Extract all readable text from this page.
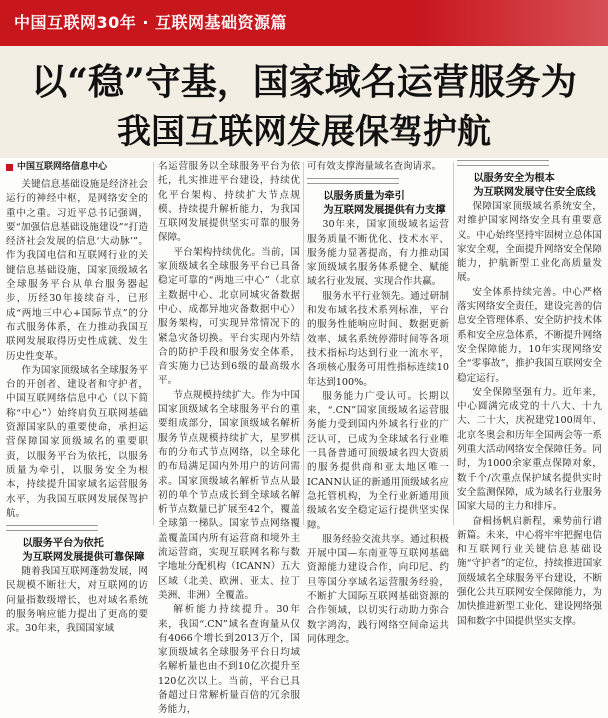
中国互联网30年 · 互联网基础资源篇
以“稳”守基，国家域名运营服务为
我国互联网发展保驾护航
中国互联网络信息中心

关键信息基础设施是经济社会运行的神经中枢，是网络安全的重中之重。习近平总书记强调，要“加强信息基础设施建设”“打造经济社会发展的信息‘大动脉’”。作为我国电信和互联网行业的关键信息基础设施，国家顶级域名全球服务平台从单台服务器起步，历经30年接续奋斗，已形成“两地三中心+国际节点”的分布式服务体系，在力推动我国互联网发展取得历史性成就、发生历史性变革。

作为国家顶级域名全球服务平台的开创者、建设者和守护者，中国互联网络信息中心（以下简称“中心”）始终肩负互联网基础资源国家队的重要使命，承担运营保障国家顶级域名的重要职责，以服务平台为依托，以服务质量为牵引，以服务安全为根本，持续提升国家域名运营服务水平，为我国互联网发展保驾护航。

以服务平台为依托

为互联网发展提供可靠保障

随着我国互联网蓬勃发展，网民规模不断壮大，对互联网的访问量指数级增长，也对域名系统的服务响应能力提出了更高的要求。30年来，我国国家域

名运营服务以全球服务平台为依托，扎实推进平台建设，持续优化平台架构、持续扩大节点规模、持续提升解析能力，为我国互联网发展提供坚实可靠的服务保障。

平台架构持续优化。当前，国家顶级域名全球服务平台已具备稳定可靠的“两地三中心”（北京主数据中心、北京同城灾备数据中心、成都异地灾备数据中心）服务架构，可实现异常情况下的紧急灾备切换。平台实现内外结合的防护手段和服务安全体系，音实施力已达到6级的最高级水平。

节点规模持续扩大。作为中国国家顶级域名全球服务平台的重要组成部分，国家顶级域名解析服务节点规模持续扩大，星罗棋布的分布式节点网络，以全球化的布局满足国内外用户的访问需求。国家顶级域名解析节点从最初的单个节点成长到全球域名解析节点数量已扩展至42个，覆盖全球第一梯队。国家节点网络覆盖覆盖国内所有运营商和境外主流运营商，实现互联网名称与数字地址分配机构（ICANN）五大区域（北美、欧洲、亚太、拉丁美洲、非洲）全覆盖。

解析能力持续提升。30年来，我国“.CN”域名查询量从仅有4066个增长到2013万个，国家顶级域名全球服务平台日均域名解析量也由不到10亿次提升至120亿次以上。当前，平台已具备超过日常解析量百倍的冗余服务能力，

可有效支撑海量域名查询请求。

以服务质量为牵引

为互联网发展提供有力支撑

30年来，国家顶级域名运营服务质量不断优化、技术水平、服务能力显著提高，有力推动国家顶级域名服务体系健全、赋能域名行业发展、实现合作共赢。

服务水平行业领先。通过研制和发布域名技术系列标准，平台的服务性能响应时间、数据更新效率、域名系统停滞时间等各项技术指标均达到行业一流水平，各项核心服务可用性指标连续10年达到100%。

服务能力广受认可。长期以来，“.CN”国家顶级域名运营服务能力受到国内外域名行业的广泛认可，已成为全球域名行业唯一具备普通可顶级域名四大资质的服务提供商和亚太地区唯一ICANN认证的新通用顶级域名应急托管机构，为全行业新通用顶级域名安全稳定运行提供坚实保障。

服务经验交流共享。通过积极开展中国—东南亚等互联网基础资源能力建设合作，向印尼、约旦等国分享域名运营服务经验，不断扩大国际互联网基础资源的合作领域，以切实行动助力弥合数字鸿沟，践行网络空间命运共同体理念。

以服务安全为根本

为互联网发展守住安全底线

保障国家顶级域名系统安全，对维护国家网络安全具有重要意义。中心始终坚持牢固树立总体国家安全观，全面提升网络安全保障能力，护航新型工业化高质量发展。

安全体系持续完善。中心严格落实网络安全责任，建设完善的信息安全管理体系、安全防护技术体系和安全应急体系，不断提升网络安全保障能力，10年实现网络安全“零事故”，推护我国互联网安全稳定运行。

安全保障坚强有力。近年来，中心圆满完成党的十八大、十九大、二十大，庆祝建党100周年、北京冬奥会和历年全国两会等一系列重大活动网络安全保障任务。同时，为1000余家重点保障对象，数千个/次重点保护域名提供实时安全监测保障，成为域名行业服务国家大局的主力和排斥。

奋楫扬帆启新程，乘势前行谱新篇。未来，中心将牢牢把握电信和互联网行业关键信息基础设施“守护者”的定位，持续推进国家顶级域名全球服务平台建设，不断强化公共互联网安全保障能力，为加快推进新型工业化、建设网络强国和数字中国提供坚实支撑。
